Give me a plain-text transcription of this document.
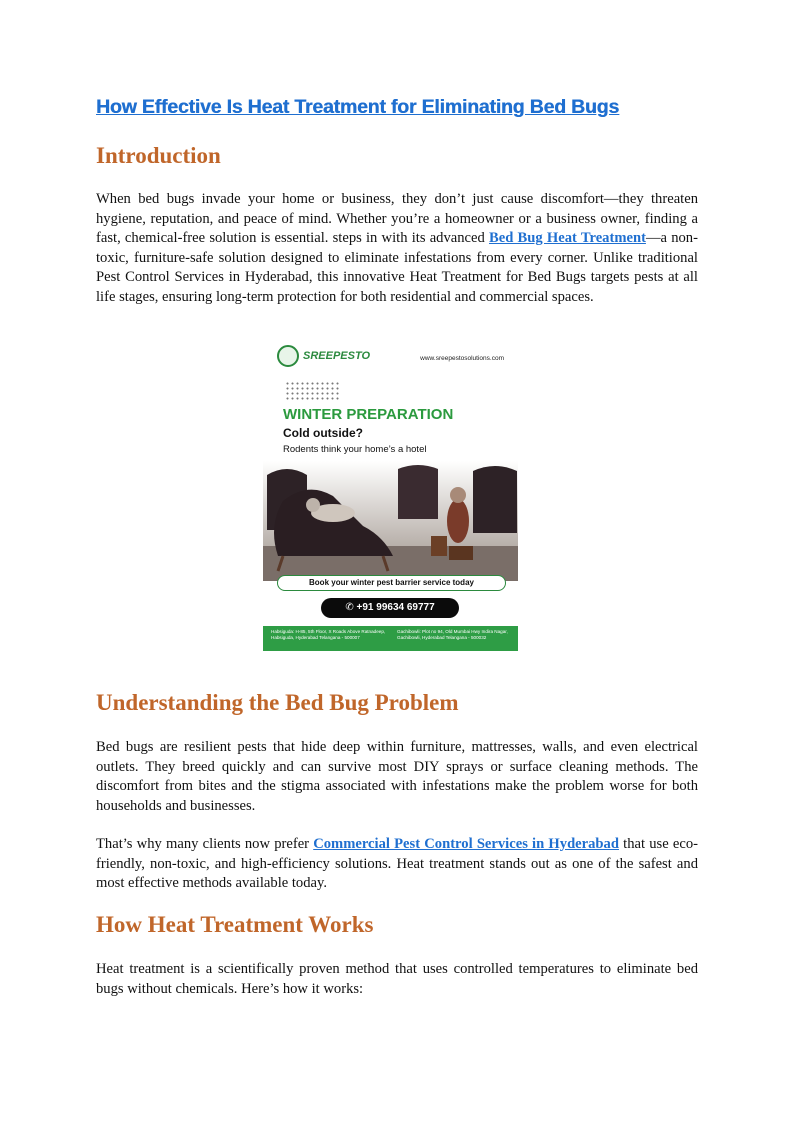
How Effective Is Heat Treatment for Eliminating Bed Bugs
Introduction

When bed bugs invade your home or business, they don’t just cause discomfort—they threaten hygiene, reputation, and peace of mind. Whether you’re a homeowner or a business owner, finding a fast, chemical-free solution is essential. steps in with its advanced Bed Bug Heat Treatment—a non-toxic, furniture-safe solution designed to eliminate infestations from every corner. Unlike traditional Pest Control Services in Hyderabad, this innovative Heat Treatment for Bed Bugs targets pests at all life stages, ensuring long-term protection for both residential and commercial spaces.

Understanding the Bed Bug Problem

Bed bugs are resilient pests that hide deep within furniture, mattresses, walls, and even electrical outlets. They breed quickly and can survive most DIY sprays or surface cleaning methods. The discomfort from bites and the stigma associated with infestations make the problem worse for both households and businesses.

That’s why many clients now prefer Commercial Pest Control Services in Hyderabad that use eco-friendly, non-toxic, and high-efficiency solutions. Heat treatment stands out as one of the safest and most effective methods available today.

How Heat Treatment Works

Heat treatment is a scientifically proven method that uses controlled temperatures to eliminate bed bugs without chemicals. Here’s how it works:

SREEPESTO	www.sreepestosolutions.com
WINTER PREPARATION
Cold outside?
Rodents think your home’s a hotel
Book your winter pest barrier service today
✆ +91 99634 69777
Habsiguda: H-85, 5th Floor, X Roads Above Ratnadeep, Habsiguda, Hyderabad Telangana - 500007
Gachibowli: Plot no 94, Old Mumbai Hwy Indira Nagar, Gachibowli, Hyderabad Telangana - 500032
